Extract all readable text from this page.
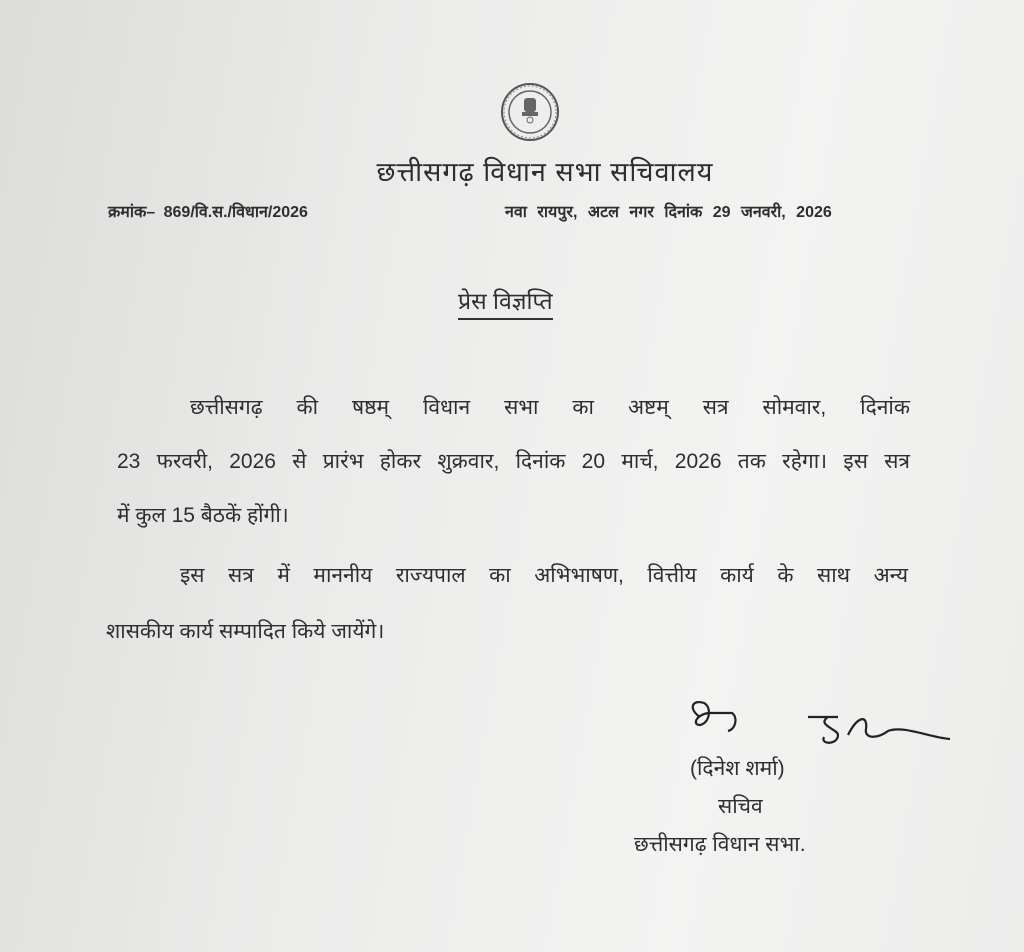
छत्तीसगढ़ विधान सभा सचिवालय
क्रमांक– 869/वि.स./विधान/2026	नवा रायपुर, अटल नगर दिनांक 29 जनवरी, 2026
प्रेस विज्ञप्ति
छत्तीसगढ़ की षष्ठम् विधान सभा का अष्टम् सत्र सोमवार, दिनांक
23 फरवरी, 2026 से प्रारंभ होकर शुक्रवार, दिनांक 20 मार्च, 2026 तक रहेगा। इस सत्र
में कुल 15 बैठकें होंगी।
इस सत्र में माननीय राज्यपाल का अभिभाषण, वित्तीय कार्य के साथ अन्य
शासकीय कार्य सम्पादित किये जायेंगे।
(दिनेश शर्मा)
सचिव
छत्तीसगढ़ विधान सभा.
